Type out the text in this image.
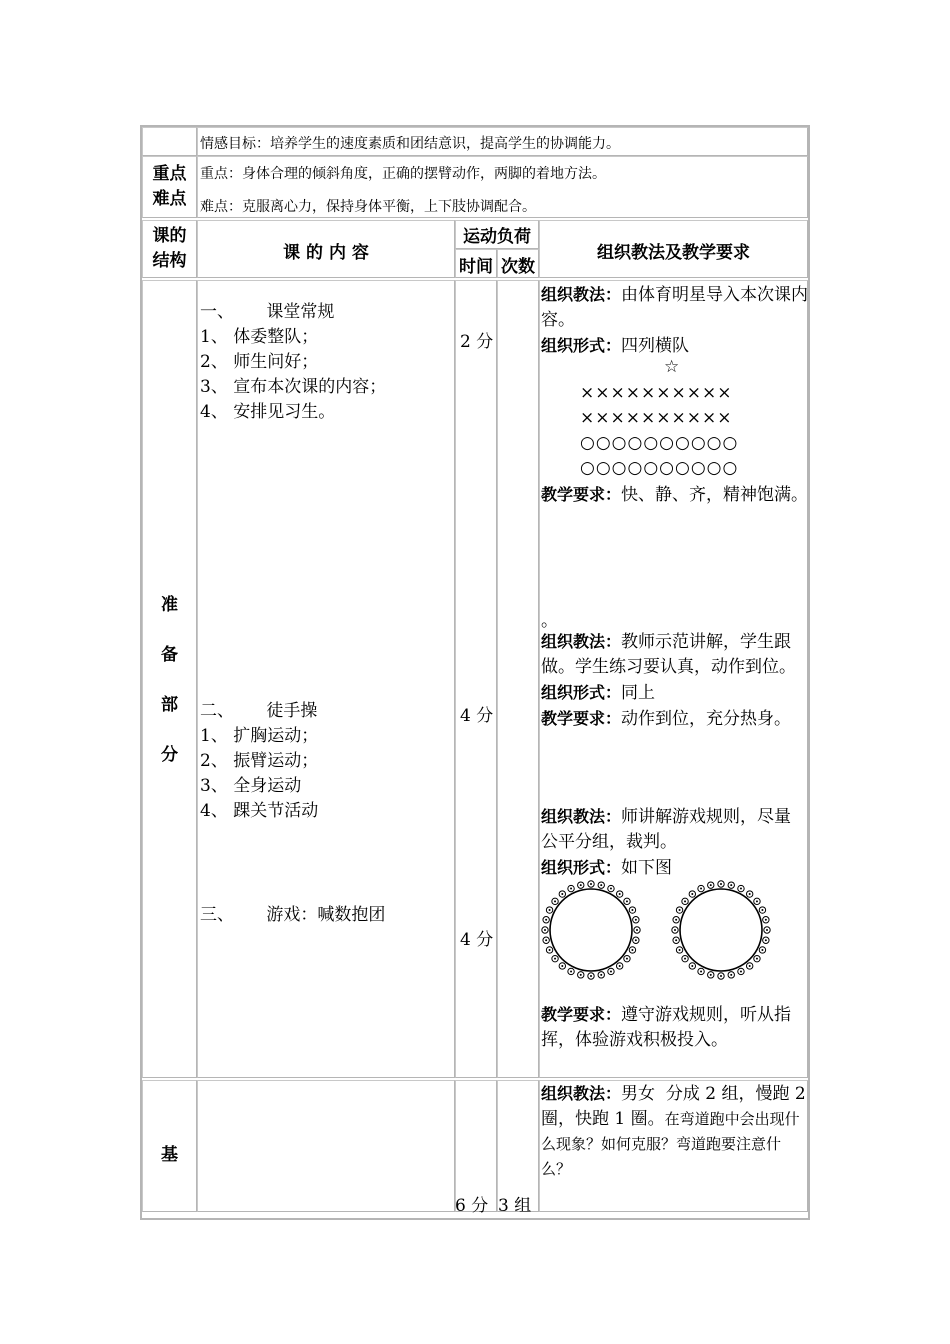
情感目标：培养学生的速度素质和团结意识，提高学生的协调能力。
重点
难点
重点：身体合理的倾斜角度，正确的摆臂动作，两脚的着地方法。
难点：克服离心力，保持身体平衡，上下肢协调配合。
课的
结构	课 的 内 容
运动负荷
时间 次数
组织教法及教学要求
准
备
部
分
一、      课堂常规
1、 体委整队；
2、 师生问好；
3、 宣布本次课的内容；
4、 安排见习生。
2 分
组织教法：由体育明星导入本次课内容。
组织形式：四列横队
☆
××××××××××
××××××××××
○○○○○○○○○○
○○○○○○○○○○
教学要求：快、静、齐，精神饱满。
。
二、      徒手操
1、 扩胸运动；
2、 振臂运动；
3、 全身运动
4、 踝关节活动
4 分
组织教法：教师示范讲解，学生跟做。学生练习要认真，动作到位。
组织形式：同上
教学要求：动作到位，充分热身。
三、      游戏：喊数抱团
4 分
组织教法：师讲解游戏规则，尽量公平分组，裁判。
组织形式：如下图
教学要求：遵守游戏规则，听从指挥，体验游戏积极投入。
基
6 分 3 组
组织教法：男女  分成 2 组，慢跑 2 圈，快跑 1 圈。在弯道跑中会出现什么现象？如何克服？弯道跑要注意什么？
